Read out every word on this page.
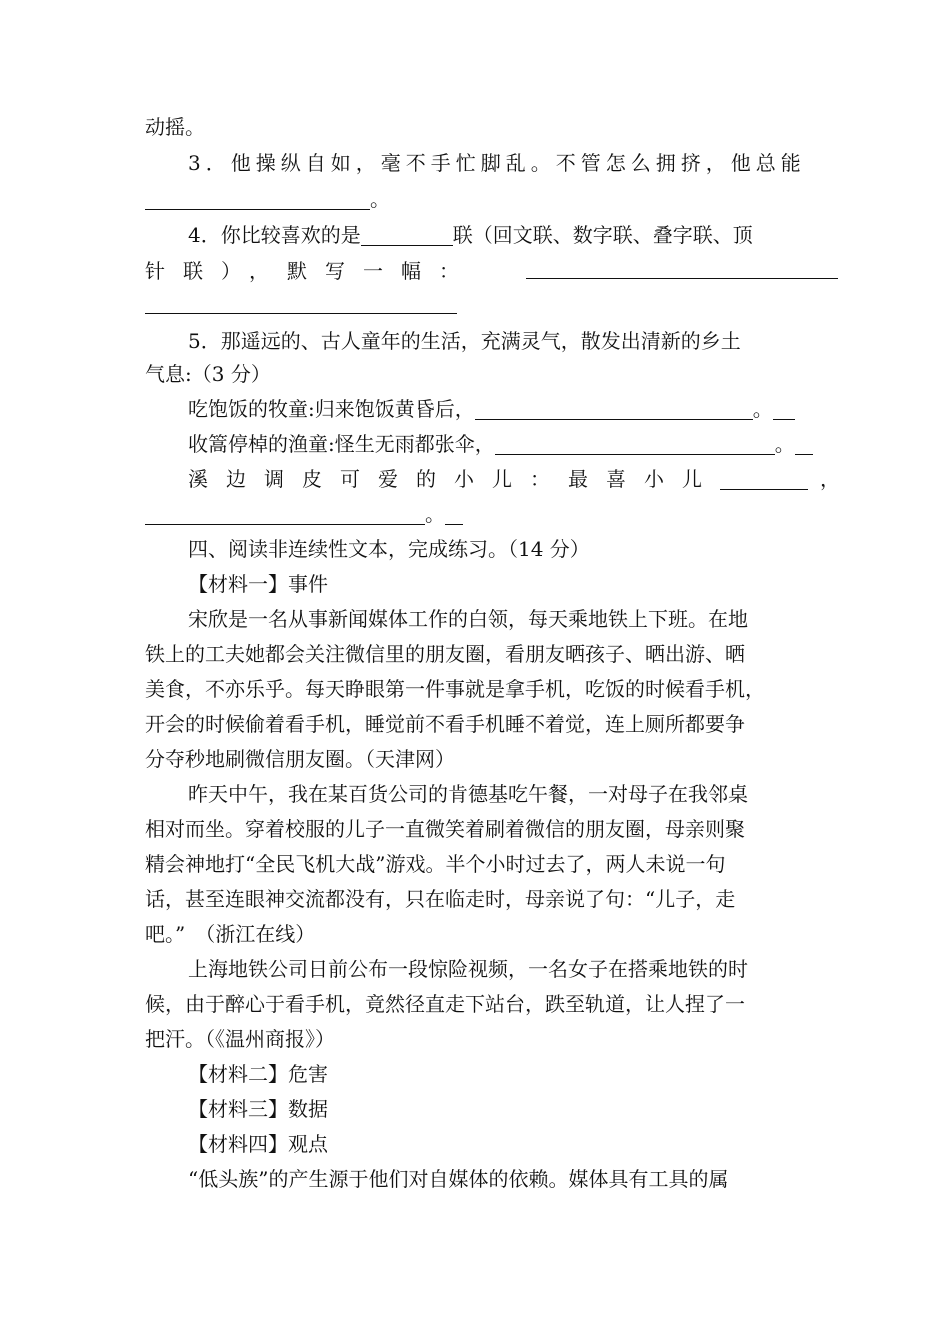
动摇。
3．他操纵自如，毫不手忙脚乱。不管怎么拥挤，他总能
。
4．你比较喜欢的是	联（回文联、数字联、叠字联、顶
针联），默写一幅：
5．那遥远的、古人童年的生活，充满灵气，散发出清新的乡土
气息:（3 分）
吃饱饭的牧童:归来饱饭黄昏后，	。
收篙停棹的渔童:怪生无雨都张伞，	。
溪边调皮可爱的小儿：最喜小儿	，
。
四、阅读非连续性文本，完成练习。（14 分）
【材料一】事件
宋欣是一名从事新闻媒体工作的白领，每天乘地铁上下班。在地
铁上的工夫她都会关注微信里的朋友圈，看朋友晒孩子、晒出游、晒
美食，不亦乐乎。每天睁眼第一件事就是拿手机，吃饭的时候看手机，
开会的时候偷着看手机，睡觉前不看手机睡不着觉，连上厕所都要争
分夺秒地刷微信朋友圈。（天津网）
昨天中午，我在某百货公司的肯德基吃午餐，一对母子在我邻桌
相对而坐。穿着校服的儿子一直微笑着刷着微信的朋友圈，母亲则聚
精会神地打“全民飞机大战”游戏。半个小时过去了，两人未说一句
话，甚至连眼神交流都没有，只在临走时，母亲说了句：“儿子，走
吧。”　（浙江在线）
上海地铁公司日前公布一段惊险视频，一名女子在搭乘地铁的时
候，由于醉心于看手机，竟然径直走下站台，跌至轨道，让人捏了一
把汗。（《温州商报》）
【材料二】危害
【材料三】数据
【材料四】观点
“低头族”的产生源于他们对自媒体的依赖。媒体具有工具的属
